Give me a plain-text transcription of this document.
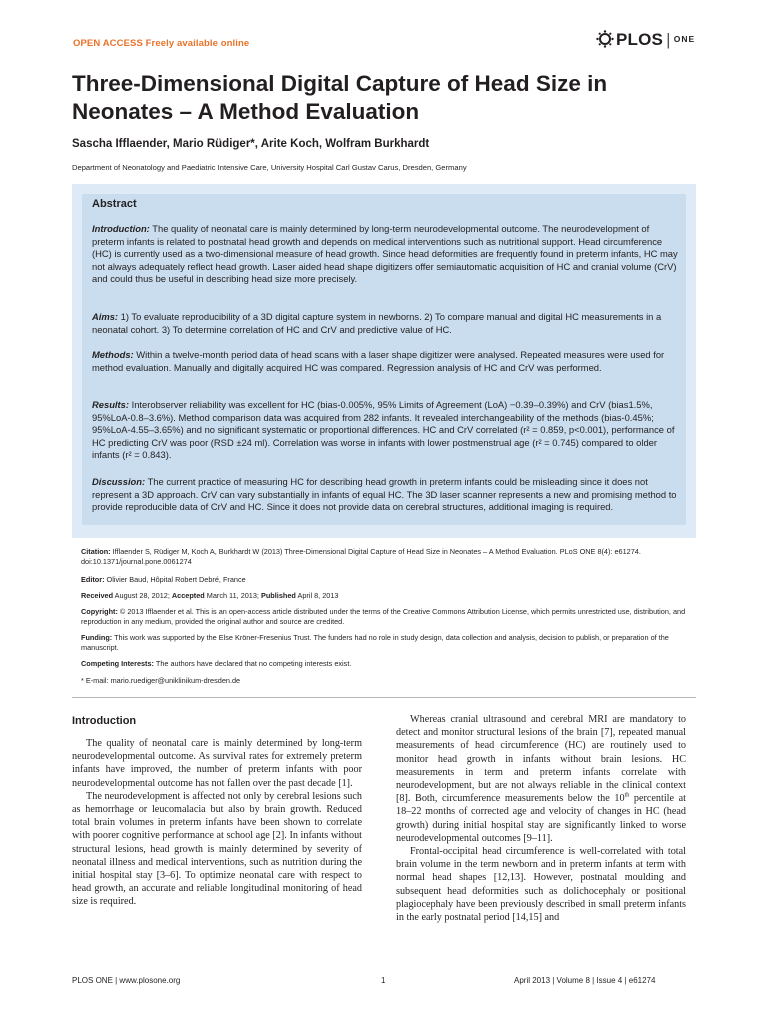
OPEN ACCESS Freely available online	PLOS | ONE
Three-Dimensional Digital Capture of Head Size in Neonates – A Method Evaluation
Sascha Ifflaender, Mario Rüdiger*, Arite Koch, Wolfram Burkhardt
Department of Neonatology and Paediatric Intensive Care, University Hospital Carl Gustav Carus, Dresden, Germany
Abstract

Introduction: The quality of neonatal care is mainly determined by long-term neurodevelopmental outcome. The neurodevelopment of preterm infants is related to postnatal head growth and depends on medical interventions such as nutritional support. Head circumference (HC) is currently used as a two-dimensional measure of head growth. Since head deformities are frequently found in preterm infants, HC may not always adequately reflect head growth. Laser aided head shape digitizers offer semiautomatic acquisition of HC and cranial volume (CrV) and could thus be useful in describing head size more precisely.

Aims: 1) To evaluate reproducibility of a 3D digital capture system in newborns. 2) To compare manual and digital HC measurements in a neonatal cohort. 3) To determine correlation of HC and CrV and predictive value of HC.

Methods: Within a twelve-month period data of head scans with a laser shape digitizer were analysed. Repeated measures were used for method evaluation. Manually and digitally acquired HC was compared. Regression analysis of HC and CrV was performed.

Results: Interobserver reliability was excellent for HC (bias-0.005%, 95% Limits of Agreement (LoA) −0.39–0.39%) and CrV (bias1.5%, 95%LoA-0.8–3.6%). Method comparison data was acquired from 282 infants. It revealed interchangeability of the methods (bias-0.45%; 95%LoA-4.55–3.65%) and no significant systematic or proportional differences. HC and CrV correlated (r² = 0.859, p<0.001), performance of HC predicting CrV was poor (RSD ±24 ml). Correlation was worse in infants with lower postmenstrual age (r² = 0.745) compared to older infants (r² = 0.843).

Discussion: The current practice of measuring HC for describing head growth in preterm infants could be misleading since it does not represent a 3D approach. CrV can vary substantially in infants of equal HC. The 3D laser scanner represents a new and promising method to provide reproducible data of CrV and HC. Since it does not provide data on cerebral structures, additional imaging is required.

Citation: Ifflaender S, Rüdiger M, Koch A, Burkhardt W (2013) Three-Dimensional Digital Capture of Head Size in Neonates – A Method Evaluation. PLoS ONE 8(4): e61274. doi:10.1371/journal.pone.0061274

Editor: Olivier Baud, Hôpital Robert Debré, France

Received August 28, 2012; Accepted March 11, 2013; Published April 8, 2013

Copyright: © 2013 Ifflaender et al. This is an open-access article distributed under the terms of the Creative Commons Attribution License, which permits unrestricted use, distribution, and reproduction in any medium, provided the original author and source are credited.

Funding: This work was supported by the Else Kröner-Fresenius Trust. The funders had no role in study design, data collection and analysis, decision to publish, or preparation of the manuscript.

Competing Interests: The authors have declared that no competing interests exist.

* E-mail: mario.ruediger@uniklinikum-dresden.de

Introduction

The quality of neonatal care is mainly determined by long-term neurodevelopmental outcome. As survival rates for extremely preterm infants have improved, the number of preterm infants with poor neurodevelopmental outcome has not fallen over the past decade [1].

The neurodevelopment is affected not only by cerebral lesions such as hemorrhage or leucomalacia but also by brain growth. Reduced total brain volumes in preterm infants have been shown to correlate with poorer cognitive performance at school age [2]. In infants without structural lesions, head growth is mainly determined by severity of neonatal illness and medical interventions, such as nutrition during the initial hospital stay [3–6]. To optimize neonatal care with respect to head growth, an accurate and reliable longitudinal monitoring of head size is required.

Whereas cranial ultrasound and cerebral MRI are mandatory to detect and monitor structural lesions of the brain [7], repeated manual measurements of head circumference (HC) are routinely used to monitor head growth in infants without brain lesions. HC measurements in term and preterm infants correlate with neurodevelopment, but are not always reliable in the clinical context [8]. Both, circumference measurements below the 10th percentile at 18–22 months of corrected age and velocity of changes in HC (head growth) during initial hospital stay are significantly linked to worse neurodevelopmental outcomes [9–11].

Frontal-occipital head circumference is well-correlated with total brain volume in the term newborn and in preterm infants at term with normal head shapes [12,13]. However, postnatal moulding and subsequent head deformities such as dolichocephaly or positional plagiocephaly have been previously described in small preterm infants in the early postnatal period [14,15] and

PLOS ONE | www.plosone.org	1	April 2013 | Volume 8 | Issue 4 | e61274
